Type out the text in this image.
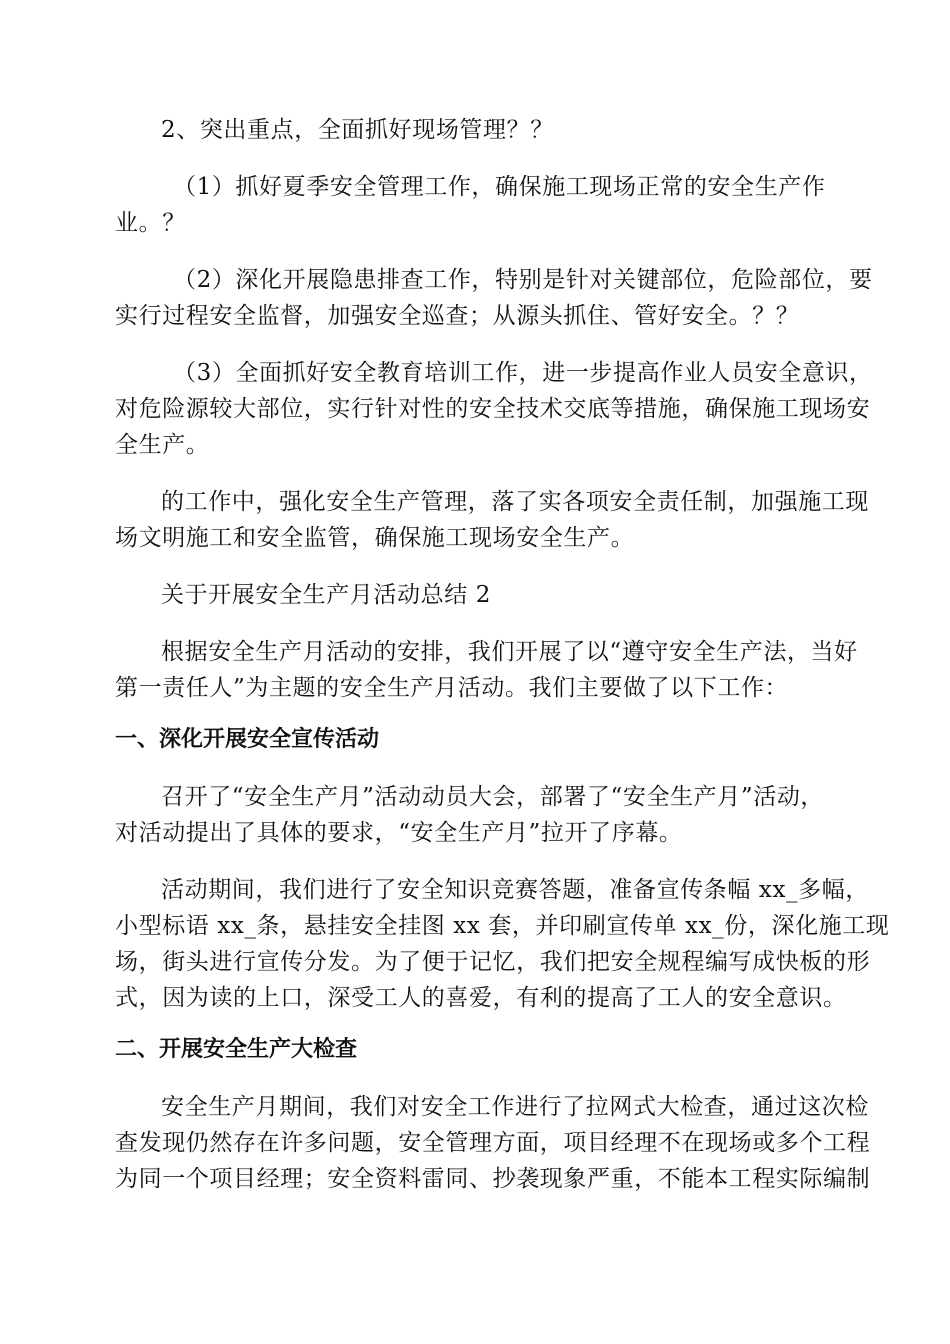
2、突出重点，全面抓好现场管理？？

（1）抓好夏季安全管理工作，确保施工现场正常的安全生产作

业。？

（2）深化开展隐患排查工作，特别是针对关键部位，危险部位，要

实行过程安全监督，加强安全巡查；从源头抓住、管好安全。？？

（3）全面抓好安全教育培训工作，进一步提高作业人员安全意识，

对危险源较大部位，实行针对性的安全技术交底等措施，确保施工现场安

全生产。

的工作中，强化安全生产管理，落了实各项安全责任制，加强施工现

场文明施工和安全监管，确保施工现场安全生产。

关于开展安全生产月活动总结 2

根据安全生产月活动的安排，我们开展了以“遵守安全生产法，当好

第一责任人”为主题的安全生产月活动。我们主要做了以下工作：

一、深化开展安全宣传活动

召开了“安全生产月”活动动员大会，部署了“安全生产月”活动，

对活动提出了具体的要求，“安全生产月”拉开了序幕。

活动期间，我们进行了安全知识竞赛答题，准备宣传条幅 xx_多幅，

小型标语 xx_条，悬挂安全挂图 xx 套，并印刷宣传单 xx_份，深化施工现

场，街头进行宣传分发。为了便于记忆，我们把安全规程编写成快板的形

式，因为读的上口，深受工人的喜爱，有利的提高了工人的安全意识。

二、开展安全生产大检查

安全生产月期间，我们对安全工作进行了拉网式大检查，通过这次检

查发现仍然存在许多问题，安全管理方面，项目经理不在现场或多个工程

为同一个项目经理；安全资料雷同、抄袭现象严重，不能本工程实际编制
